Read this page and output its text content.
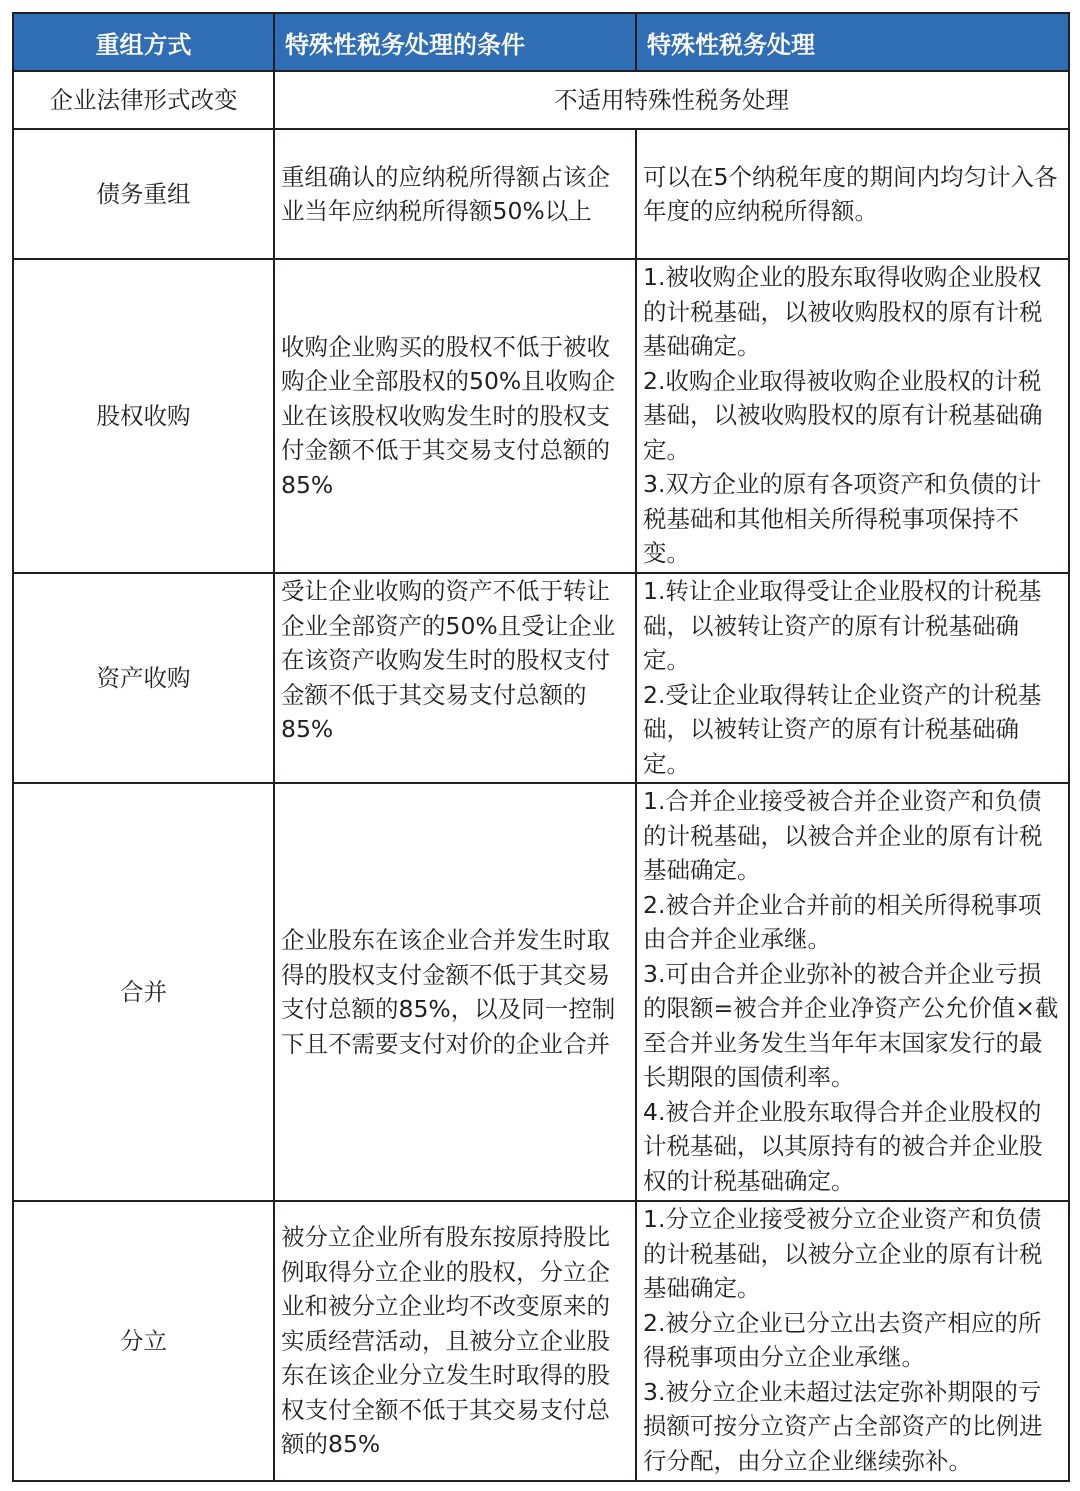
重组方式	特殊性税务处理的条件	特殊性税务处理
企业法律形式改变	不适用特殊性税务处理	
债务重组	重组确认的应纳税所得额占该企业当年应纳税所得额50%以上	可以在5个纳税年度的期间内均匀计入各年度的应纳税所得额。

股权收购	收购企业购买的股权不低于被收购企业全部股权的50%且收购企业在该股权收购发生时的股权支付金额不低于其交易支付总额的85%	1.被收购企业的股东取得收购企业股权的计税基础，以被收购股权的原有计税基础确定。
2.收购企业取得被收购企业股权的计税基础，以被收购股权的原有计税基础确定。
3.双方企业的原有各项资产和负债的计税基础和其他相关所得税事项保持不变。

资产收购	受让企业收购的资产不低于转让企业全部资产的50%且受让企业在该资产收购发生时的股权支付金额不低于其交易支付总额的85%	1.转让企业取得受让企业股权的计税基础，以被转让资产的原有计税基础确定。
2.受让企业取得转让企业资产的计税基础，以被转让资产的原有计税基础确定。

合并	企业股东在该企业合并发生时取得的股权支付金额不低于其交易支付总额的85%，以及同一控制下且不需要支付对价的企业合并	1.合并企业接受被合并企业资产和负债的计税基础，以被合并企业的原有计税基础确定。
2.被合并企业合并前的相关所得税事项由合并企业承继。
3.可由合并企业弥补的被合并企业亏损的限额=被合并企业净资产公允价值×截至合并业务发生当年年末国家发行的最长期限的国债利率。
4.被合并企业股东取得合并企业股权的计税基础，以其原持有的被合并企业股权的计税基础确定。

分立	被分立企业所有股东按原持股比例取得分立企业的股权，分立企业和被分立企业均不改变原来的实质经营活动，且被分立企业股东在该企业分立发生时取得的股权支付全额不低于其交易支付总额的85%	1.分立企业接受被分立企业资产和负债的计税基础，以被分立企业的原有计税基础确定。
2.被分立企业已分立出去资产相应的所得税事项由分立企业承继。
3.被分立企业未超过法定弥补期限的亏损额可按分立资产占全部资产的比例进行分配，由分立企业继续弥补。
